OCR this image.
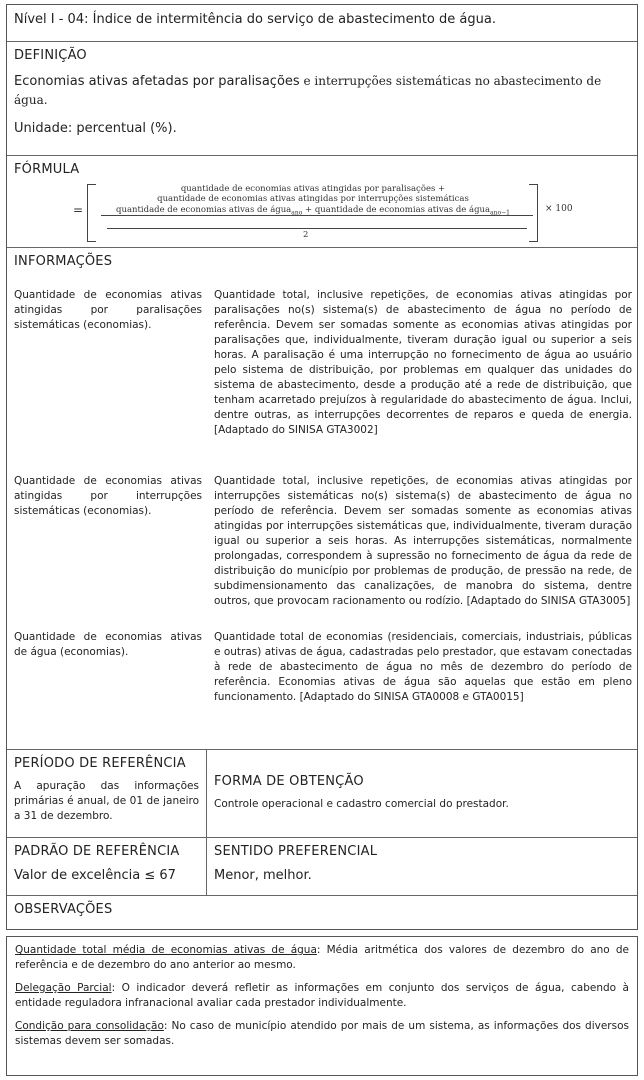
Nível I - 04: Índice de intermitência do serviço de abastecimento de água.
DEFINIÇÃO
Economias ativas afetadas por paralisações e interrupções sistemáticas no abastecimento de água.
Unidade: percentual (%).
FÓRMULA
=
quantidade de economias ativas atingidas por paralisações +
quantidade de economias ativas atingidas por interrupções sistemáticas
quantidade de economias ativas de água$_{ano}$ + quantidade de economias ativas de água$_{ano-1}$
2
× 100
INFORMAÇÕES
Quantidade de economias ativas atingidas por paralisações sistemáticas (economias).
Quantidade total, inclusive repetições, de economias ativas atingidas por paralisações no(s) sistema(s) de abastecimento de água no período de referência. Devem ser somadas somente as economias ativas atingidas por paralisações que, individualmente, tiveram duração igual ou superior a seis horas. A paralisação é uma interrupção no fornecimento de água ao usuário pelo sistema de distribuição, por problemas em qualquer das unidades do sistema de abastecimento, desde a produção até a rede de distribuição, que tenham acarretado prejuízos à regularidade do abastecimento de água. Inclui, dentre outras, as interrupções decorrentes de reparos e queda de energia. [Adaptado do SINISA GTA3002]
Quantidade de economias ativas atingidas por interrupções sistemáticas (economias).
Quantidade total, inclusive repetições, de economias ativas atingidas por interrupções sistemáticas no(s) sistema(s) de abastecimento de água no período de referência. Devem ser somadas somente as economias ativas atingidas por interrupções sistemáticas que, individualmente, tiveram duração igual ou superior a seis horas. As interrupções sistemáticas, normalmente prolongadas, correspondem à supressão no fornecimento de água da rede de distribuição do município por problemas de produção, de pressão na rede, de subdimensionamento das canalizações, de manobra do sistema, dentre outros, que provocam racionamento ou rodízio. [Adaptado do SINISA GTA3005]
Quantidade de economias ativas de água (economias).
Quantidade total de economias (residenciais, comerciais, industriais, públicas e outras) ativas de água, cadastradas pelo prestador, que estavam conectadas à rede de abastecimento de água no mês de dezembro do período de referência. Economias ativas de água são aquelas que estão em pleno funcionamento. [Adaptado do SINISA GTA0008 e GTA0015]
PERÍODO DE REFERÊNCIA
A apuração das informações primárias é anual, de 01 de janeiro a 31 de dezembro.
FORMA DE OBTENÇÃO
Controle operacional e cadastro comercial do prestador.
PADRÃO DE REFERÊNCIA
Valor de excelência ≤ 67
SENTIDO PREFERENCIAL
Menor, melhor.
OBSERVAÇÕES
Quantidade total média de economias ativas de água: Média aritmética dos valores de dezembro do ano de referência e de dezembro do ano anterior ao mesmo.
Delegação Parcial: O indicador deverá refletir as informações em conjunto dos serviços de água, cabendo à entidade reguladora infranacional avaliar cada prestador individualmente.
Condição para consolidação: No caso de município atendido por mais de um sistema, as informações dos diversos sistemas devem ser somadas.
